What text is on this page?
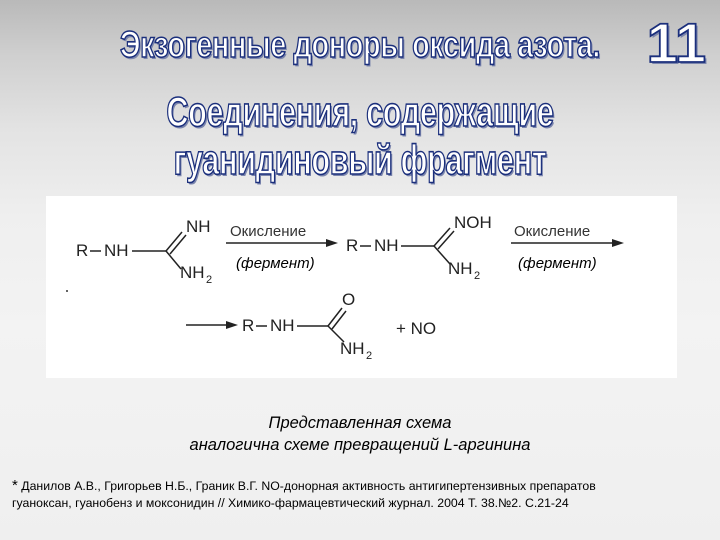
11
Экзогенные доноры оксида азота.
Соединения, содержащие гуанидиновый фрагмент
R NH
NH
NH 2
Окисление
(фермент)
R NH
NOH
NH 2
Окисление
(фермент)
R NH
O
NH 2
+ NO
Представленная схема
аналогична схеме превращений L-аргинина
* Данилов А.В., Григорьев Н.Б., Граник В.Г. NO-донорная активность антигипертензивных препаратов
гуаноксан, гуанобенз и моксонидин // Химико-фармацевтический журнал. 2004 Т. 38.№2. С.21-24
